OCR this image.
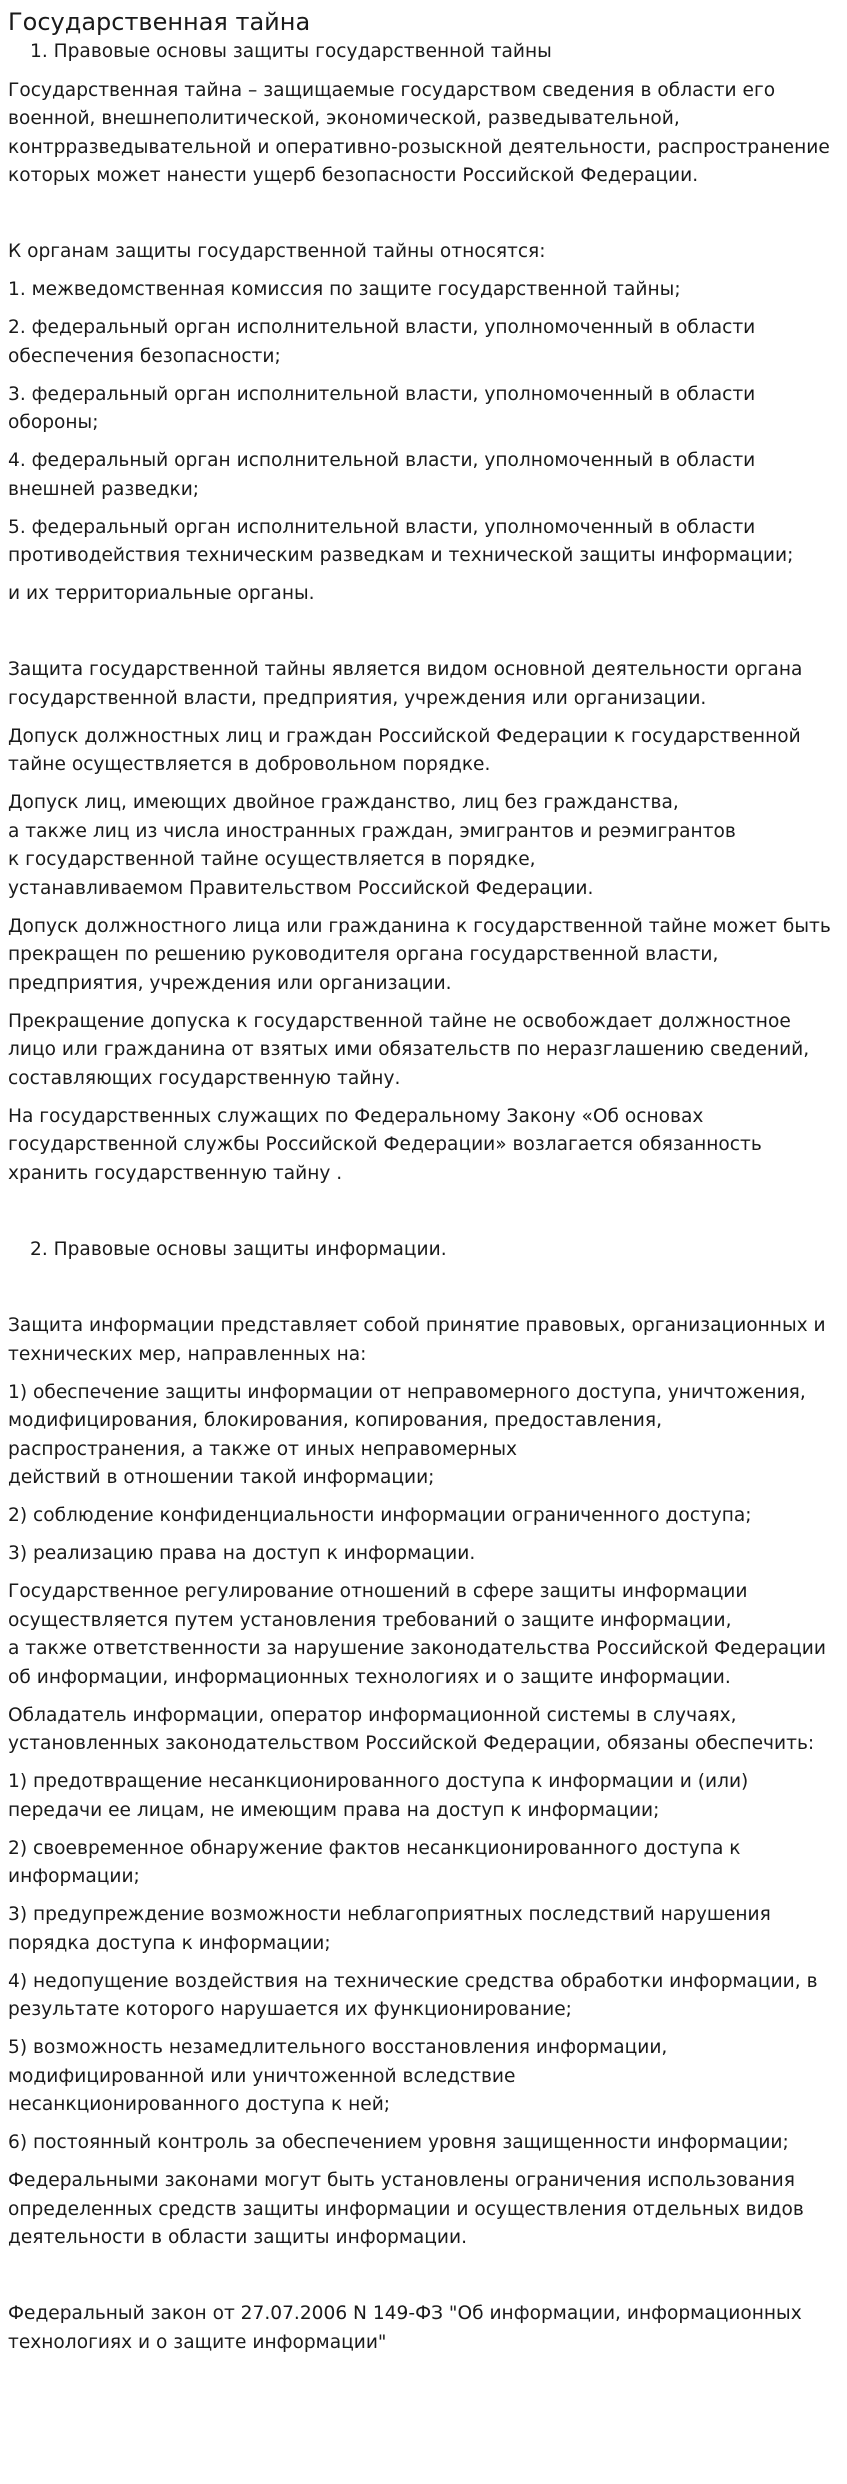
Государственная тайна
1. Правовые основы защиты государственной тайны

Государственная тайна – защищаемые государством сведения в области его военной, внешнеполитической, экономической, разведывательной, контрразведывательной и оперативно-розыскной деятельности, распространение которых может нанести ущерб безопасности Российской Федерации.

К органам защиты государственной тайны относятся:

1. межведомственная комиссия по защите государственной тайны;

2. федеральный орган исполнительной власти, уполномоченный в области обеспечения безопасности;

3. федеральный орган исполнительной власти, уполномоченный в области обороны;

4. федеральный орган исполнительной власти, уполномоченный в области внешней разведки;

5. федеральный орган исполнительной власти, уполномоченный в области противодействия техническим разведкам и технической защиты информации;

и их территориальные органы.

Защита государственной тайны является видом основной деятельности органа государственной власти, предприятия, учреждения или организации.

Допуск должностных лиц и граждан Российской Федерации к государственной тайне осуществляется в добровольном порядке.

Допуск лиц, имеющих двойное гражданство, лиц без гражданства,
а также лиц из числа иностранных граждан, эмигрантов и реэмигрантов
к государственной тайне осуществляется в порядке,
устанавливаемом Правительством Российской Федерации.

Допуск должностного лица или гражданина к государственной тайне может быть прекращен по решению руководителя органа государственной власти, предприятия, учреждения или организации.

Прекращение допуска к государственной тайне не освобождает должностное лицо или гражданина от взятых ими обязательств по неразглашению сведений, составляющих государственную тайну.

На государственных служащих по Федеральному Закону «Об основах государственной службы Российской Федерации» возлагается обязанность хранить государственную тайну .

2. Правовые основы защиты информации.

Защита информации представляет собой принятие правовых, организационных и технических мер, направленных на:

1) обеспечение защиты информации от неправомерного доступа, уничтожения, модифицирования, блокирования, копирования, предоставления, распространения, а также от иных неправомерных
действий в отношении такой информации;

2) соблюдение конфиденциальности информации ограниченного доступа;

3) реализацию права на доступ к информации.

Государственное регулирование отношений в сфере защиты информации осуществляется путем установления требований о защите информации,
а также ответственности за нарушение законодательства Российской Федерации об информации, информационных технологиях и о защите информации.

Обладатель информации, оператор информационной системы в случаях, установленных законодательством Российской Федерации, обязаны обеспечить:

1) предотвращение несанкционированного доступа к информации и (или) передачи ее лицам, не имеющим права на доступ к информации;

2) своевременное обнаружение фактов несанкционированного доступа к информации;

3) предупреждение возможности неблагоприятных последствий нарушения порядка доступа к информации;

4) недопущение воздействия на технические средства обработки информации, в результате которого нарушается их функционирование;

5) возможность незамедлительного восстановления информации, модифицированной или уничтоженной вследствие
несанкционированного доступа к ней;

6) постоянный контроль за обеспечением уровня защищенности информации;

Федеральными законами могут быть установлены ограничения использования определенных средств защиты информации и осуществления отдельных видов деятельности в области защиты информации.

Федеральный закон от 27.07.2006 N 149-ФЗ "Об информации, информационных технологиях и о защите информации"
